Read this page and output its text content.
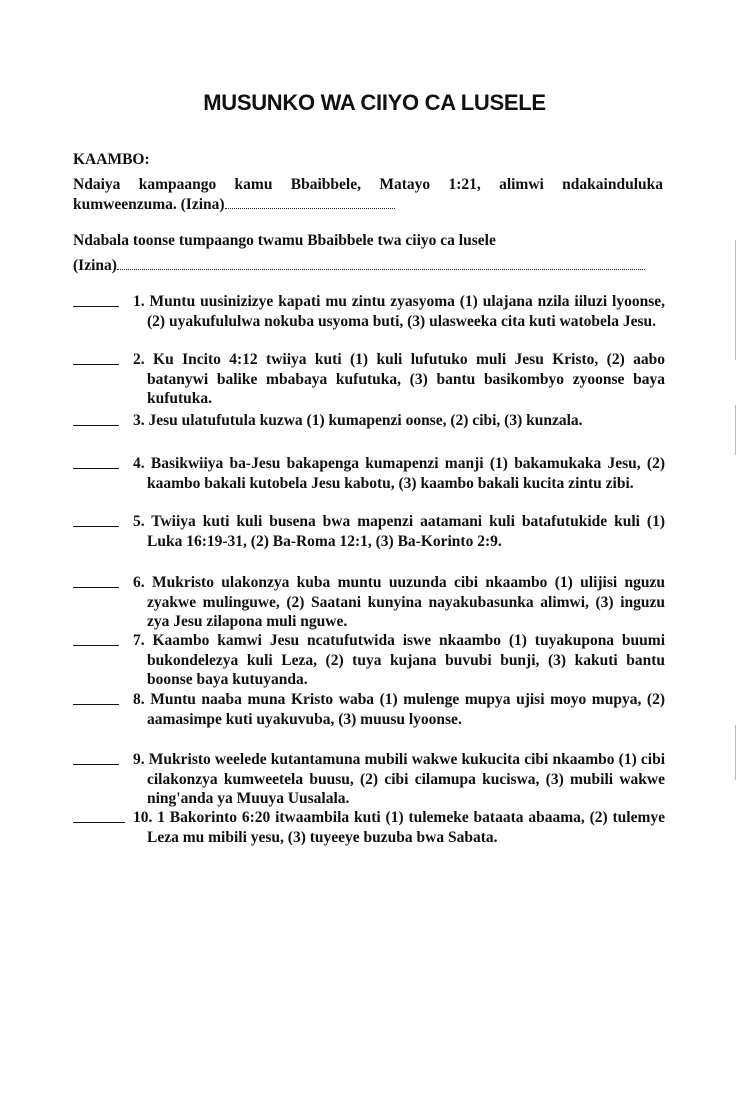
MUSUNKO WA CIIYO CA LUSELE
KAAMBO:
Ndaiya kampaango kamu Bbaibbele, Matayo 1:21, alimwi ndakainduluka kumweenzuma. (Izina)
Ndabala toonse tumpaango twamu Bbaibbele twa ciiyo ca lusele
(Izina)
1. Muntu uusinizizye kapati mu zintu zyasyoma (1) ulajana nzila iiluzi lyoonse, (2) uyakufululwa nokuba usyoma buti, (3) ulasweeka cita kuti watobela Jesu.
2. Ku Incito 4:12 twiiya kuti (1) kuli lufutuko muli Jesu Kristo, (2) aabo batanywi balike mbabaya kufutuka, (3) bantu basikombyo zyoonse baya kufutuka.
3. Jesu ulatufutula kuzwa (1) kumapenzi oonse, (2) cibi, (3) kunzala.
4. Basikwiiya ba-Jesu bakapenga kumapenzi manji (1) bakamukaka Jesu, (2) kaambo bakali kutobela Jesu kabotu, (3) kaambo bakali kucita zintu zibi.
5. Twiiya kuti kuli busena bwa mapenzi aatamani kuli batafutukide kuli (1) Luka 16:19-31, (2) Ba-Roma 12:1, (3) Ba-Korinto 2:9.
6. Mukristo ulakonzya kuba muntu uuzunda cibi nkaambo (1) ulijisi nguzu zyakwe mulinguwe, (2) Saatani kunyina nayakubasunka alimwi, (3) inguzu zya Jesu zilapona muli nguwe.
7. Kaambo kamwi Jesu ncatufutwida iswe nkaambo (1) tuyakupona buumi bukondelezya kuli Leza, (2) tuya kujana buvubi bunji, (3) kakuti bantu boonse baya kutuyanda.
8. Muntu naaba muna Kristo waba (1) mulenge mupya ujisi moyo mupya, (2) aamasimpe kuti uyakuvuba, (3) muusu lyoonse.
9. Mukristo weelede kutantamuna mubili wakwe kukucita cibi nkaambo (1) cibi cilakonzya kumweetela buusu, (2) cibi cilamupa kuciswa, (3) mubili wakwe ning'anda ya Muuya Uusalala.
10. 1 Bakorinto 6:20 itwaambila kuti (1) tulemeke bataata abaama, (2) tulemye Leza mu mibili yesu, (3) tuyeeye buzuba bwa Sabata.
